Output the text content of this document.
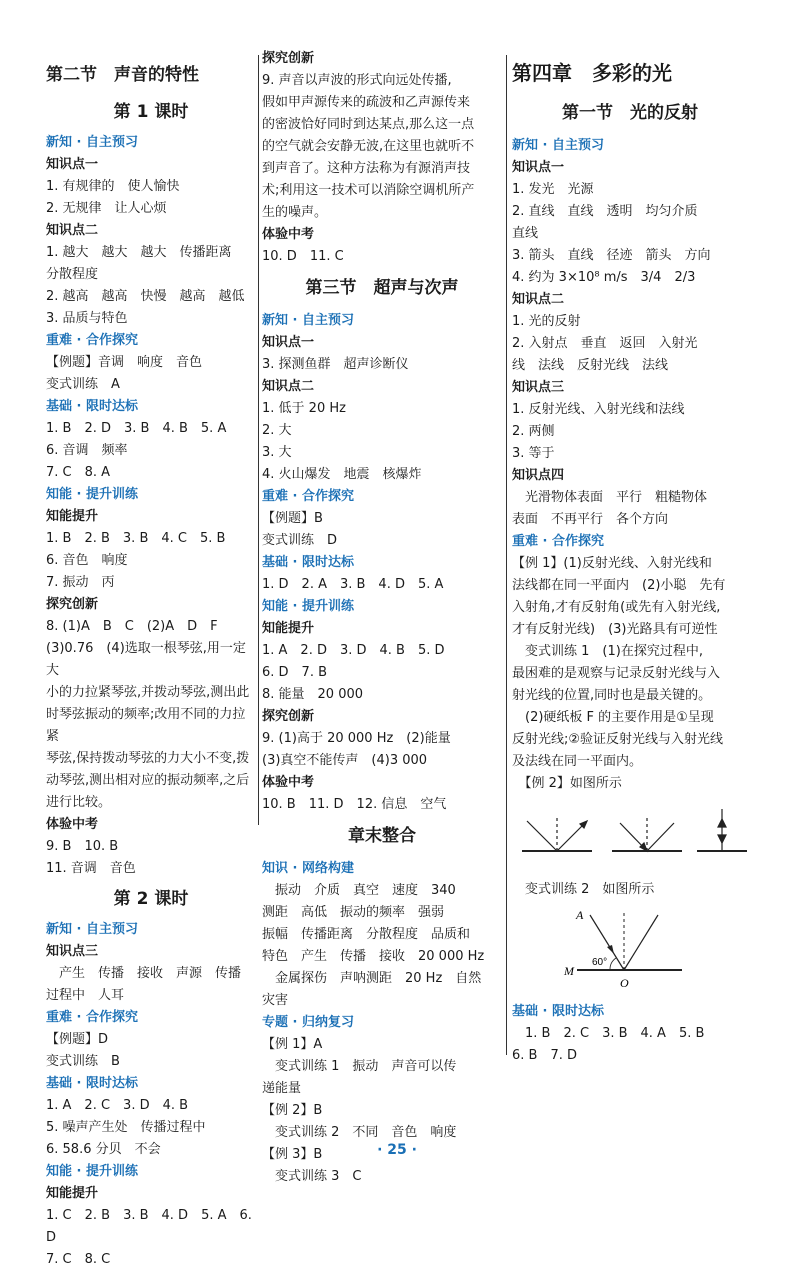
第二节　声音的特性
第 1 课时
新知 · 自主预习

知识点一

1. 有规律的　使人愉快

2. 无规律　让人心烦

知识点二

1. 越大　越大　越大　传播距离

分散程度

2. 越高　越高　快慢　越高　越低

3. 品质与特色

重难 · 合作探究

【例题】音调　响度　音色

变式训练　A

基础 · 限时达标

1. B　2. D　3. B　4. B　5. A

6. 音调　频率

7. C　8. A

知能 · 提升训练

知能提升

1. B　2. B　3. B　4. C　5. B

6. 音色　响度

7. 振动　丙

探究创新

8. (1)A　B　C　(2)A　D　F

(3)0.76　(4)选取一根琴弦,用一定大

小的力拉紧琴弦,并拨动琴弦,测出此

时琴弦振动的频率;改用不同的力拉紧

琴弦,保持拨动琴弦的力大小不变,拨

动琴弦,测出相对应的振动频率,之后

进行比较。

体验中考

9. B　10. B

11. 音调　音色

第 2 课时
新知 · 自主预习

知识点三

　产生　传播　接收　声源　传播

过程中　人耳

重难 · 合作探究

【例题】D

变式训练　B

基础 · 限时达标

1. A　2. C　3. D　4. B

5. 噪声产生处　传播过程中

6. 58.6 分贝　不会

知能 · 提升训练

知能提升

1. C　2. B　3. B　4. D　5. A　6. D

7. C　8. C

探究创新

9. 声音以声波的形式向远处传播,

假如甲声源传来的疏波和乙声源传来

的密波恰好同时到达某点,那么这一点

的空气就会安静无波,在这里也就听不

到声音了。这种方法称为有源消声技

术;利用这一技术可以消除空调机所产

生的噪声。

体验中考

10. D　11. C

第三节　超声与次声
新知 · 自主预习

知识点一

3. 探测鱼群　超声诊断仪

知识点二

1. 低于 20 Hz

2. 大

3. 大

4. 火山爆发　地震　核爆炸

重难 · 合作探究

【例题】B

变式训练　D

基础 · 限时达标

1. D　2. A　3. B　4. D　5. A

知能 · 提升训练

知能提升

1. A　2. D　3. D　4. B　5. D

6. D　7. B

8. 能量　20 000

探究创新

9. (1)高于 20 000 Hz　(2)能量

(3)真空不能传声　(4)3 000

体验中考

10. B　11. D　12. 信息　空气

章末整合
知识 · 网络构建

　振动　介质　真空　速度　340

测距　高低　振动的频率　强弱

振幅　传播距离　分散程度　品质和

特色　产生　传播　接收　20 000 Hz

　金属探伤　声呐测距　20 Hz　自然

灾害

专题 · 归纳复习

【例 1】A

　变式训练 1　振动　声音可以传

递能量

【例 2】B

　变式训练 2　不同　音色　响度

【例 3】B

　变式训练 3　C

第四章　多彩的光
第一节　光的反射
新知 · 自主预习

知识点一

1. 发光　光源

2. 直线　直线　透明　均匀介质

直线

3. 箭头　直线　径迹　箭头　方向

4. 约为 3×10⁸ m/s　3/4　2/3

知识点二

1. 光的反射

2. 入射点　垂直　返回　入射光

线　法线　反射光线　法线

知识点三

1. 反射光线、入射光线和法线

2. 两侧

3. 等于

知识点四

　光滑物体表面　平行　粗糙物体

表面　不再平行　各个方向

重难 · 合作探究

【例 1】(1)反射光线、入射光线和

法线都在同一平面内　(2)小聪　先有

入射角,才有反射角(或先有入射光线,

才有反射光线)　(3)光路具有可逆性

　变式训练 1　(1)在探究过程中,

最困难的是观察与记录反射光线与入

射光线的位置,同时也是最关键的。

　(2)硬纸板 F 的主要作用是①呈现

反射光线;②验证反射光线与入射光线

及法线在同一平面内。

　【例 2】如图所示

　变式训练 2　如图所示

A
M
O
60°
基础 · 限时达标

　1. B　2. C　3. B　4. A　5. B

6. B　7. D

· 25 ·
